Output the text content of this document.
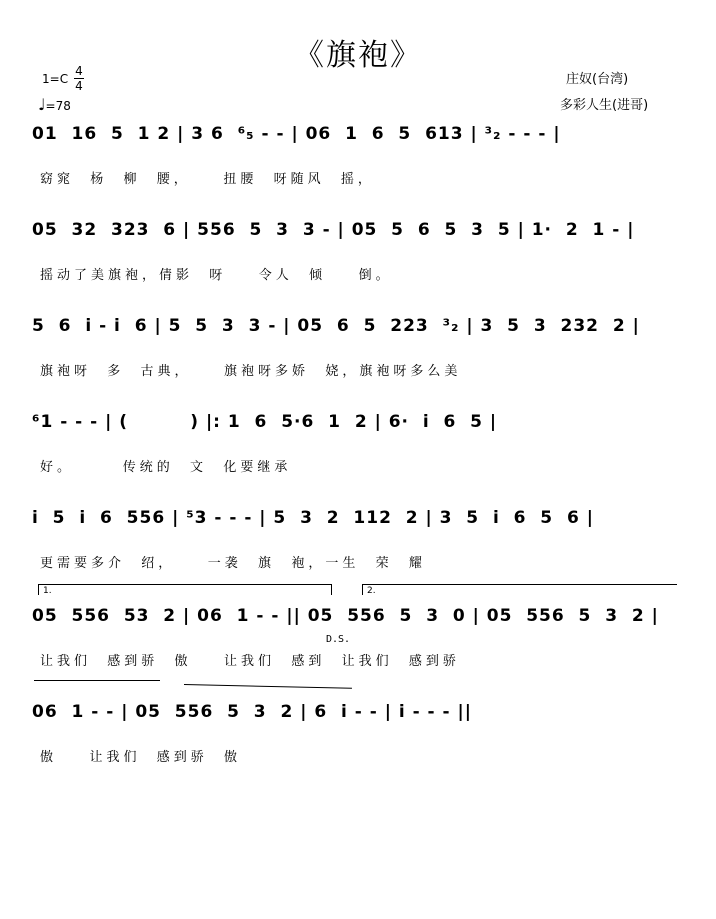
《旗袍》
庄奴(台湾)
多彩人生(进哥)
1=C
4
4
♩=78
01  16  5  1 2 | 3 6  ⁶₅ - - | 06  1  6  5  613 | ³₂ - - - |
窈窕  杨  柳  腰，    扭腰  呀随风  摇，
05  32  323  6 | 556  5  3  3 - | 05  5  6  5  3  5 | 1·  2  1 - |
摇动了美旗袍，倩影  呀    令人  倾    倒。
5  6  i - i  6 | 5  5  3  3 - | 05  6  5  223  ³₂ | 3  5  3  232  2 |
旗袍呀  多  古典，    旗袍呀多娇  娆，旗袍呀多么美
⁶1 - - - | (         ) |: 1  6  5·6  1  2 | 6·  i  6  5 |
好。      传统的  文  化要继承
i  5  i  6  556 | ⁵3 - - - | 5  3  2  112  2 | 3  5  i  6  5  6 |
更需要多介  绍，    一袭  旗  袍，一生  荣  耀
1.	2.
05  556  53  2 | 06  1 - - || 05  556  5  3  0 | 05  556  5  3  2 |
让我们  感到骄  傲    让我们  感到  让我们  感到骄
D.S.
06  1 - - | 05  556  5  3  2 | 6  i - - | i - - - ||
傲    让我们  感到骄  傲
